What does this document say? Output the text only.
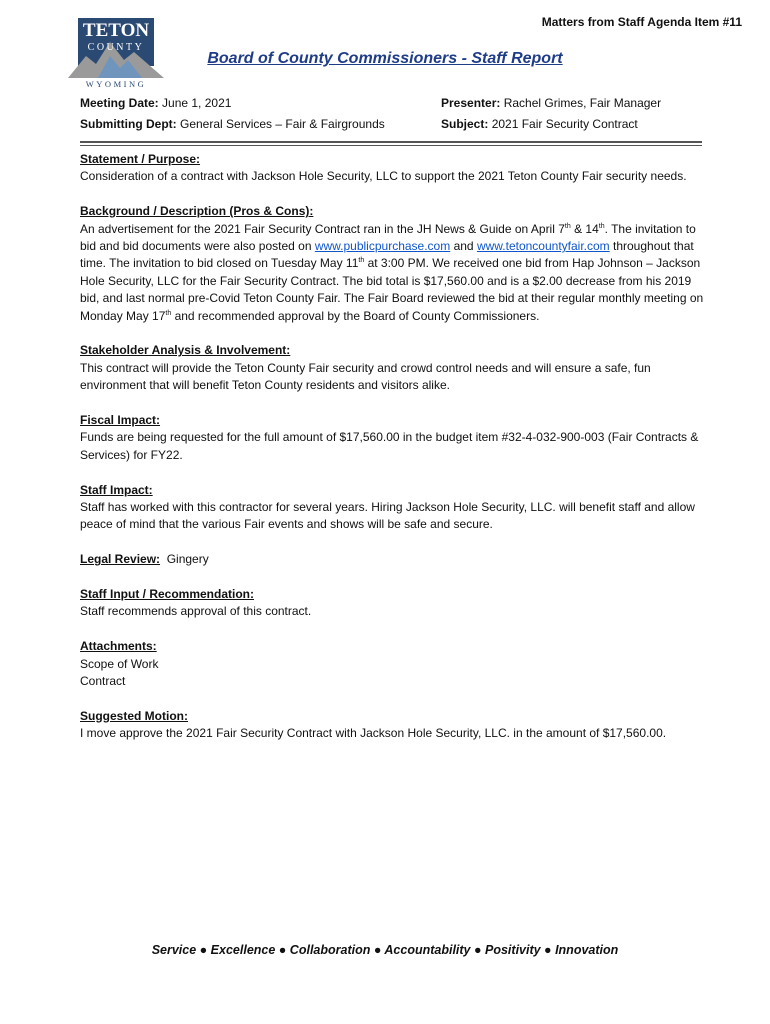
TETON
COUNTY
WYOMING
Matters from Staff Agenda Item #11
Board of County Commissioners - Staff Report
Meeting Date: June 1, 2021
Submitting Dept: General Services – Fair & Fairgrounds
Presenter: Rachel Grimes, Fair Manager
Subject: 2021 Fair Security Contract
Statement / Purpose:

Consideration of a contract with Jackson Hole Security, LLC to support the 2021 Teton County Fair security needs.

Background / Description (Pros & Cons):

An advertisement for the 2021 Fair Security Contract ran in the JH News & Guide on April 7th & 14th. The invitation to bid and bid documents were also posted on www.publicpurchase.com and www.tetoncountyfair.com throughout that time. The invitation to bid closed on Tuesday May 11th at 3:00 PM. We received one bid from Hap Johnson – Jackson Hole Security, LLC for the Fair Security Contract. The bid total is $17,560.00 and is a $2.00 decrease from his 2019 bid, and last normal pre-Covid Teton County Fair. The Fair Board reviewed the bid at their regular monthly meeting on Monday May 17th and recommended approval by the Board of County Commissioners.

Stakeholder Analysis & Involvement:

This contract will provide the Teton County Fair security and crowd control needs and will ensure a safe, fun environment that will benefit Teton County residents and visitors alike.

Fiscal Impact:

Funds are being requested for the full amount of $17,560.00 in the budget item #32-4-032-900-003 (Fair Contracts & Services) for FY22.

Staff Impact:

Staff has worked with this contractor for several years. Hiring Jackson Hole Security, LLC. will benefit staff and allow peace of mind that the various Fair events and shows will be safe and secure.

Legal Review: Gingery
Staff Input / Recommendation:

Staff recommends approval of this contract.

Attachments:
Scope of Work
Contract
Suggested Motion:

I move approve the 2021 Fair Security Contract with Jackson Hole Security, LLC. in the amount of $17,560.00.

Service ● Excellence ● Collaboration ● Accountability ● Positivity ● Innovation
